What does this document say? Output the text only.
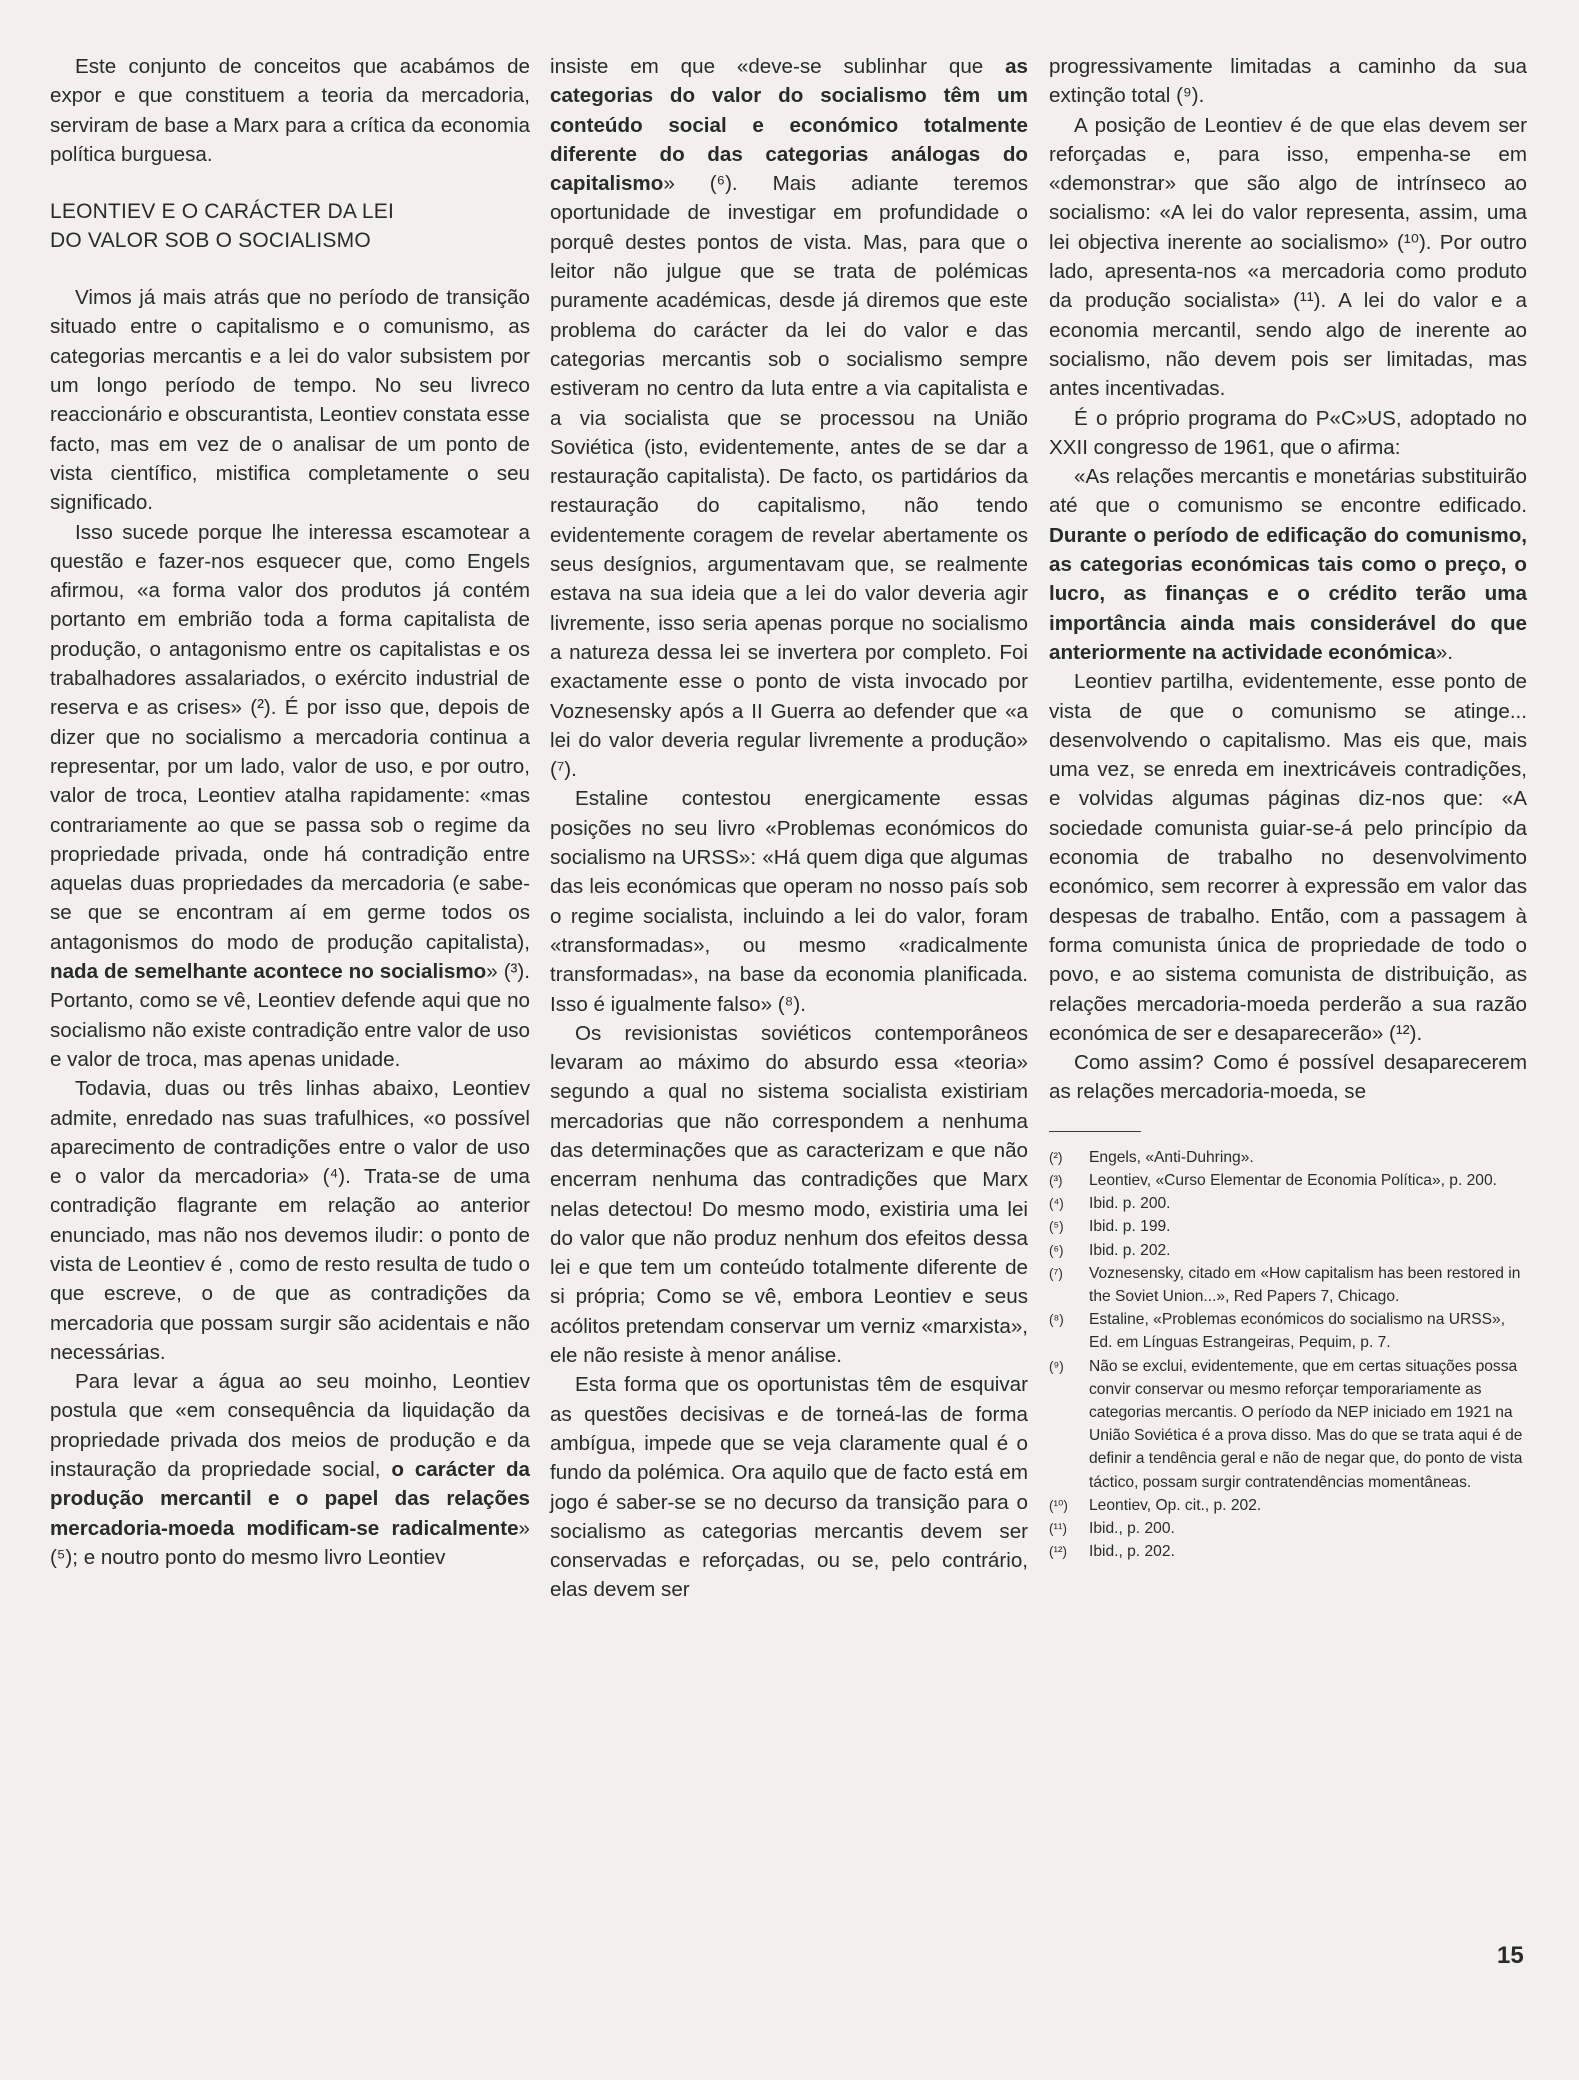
Este conjunto de conceitos que acabámos de expor e que constituem a teoria da mercadoria, serviram de base a Marx para a crítica da economia política burguesa.

LEONTIEV E O CARÁCTER DA LEI
DO VALOR SOB O SOCIALISMO

Vimos já mais atrás que no período de transição situado entre o capitalismo e o comunismo, as categorias mercantis e a lei do valor subsistem por um longo período de tempo. No seu livreco reaccionário e obscurantista, Leontiev constata esse facto, mas em vez de o analisar de um ponto de vista científico, mistifica completamente o seu significado.

Isso sucede porque lhe interessa escamotear a questão e fazer-nos esquecer que, como Engels afirmou, «a forma valor dos produtos já contém portanto em embrião toda a forma capitalista de produção, o antagonismo entre os capitalistas e os trabalhadores assalariados, o exército industrial de reserva e as crises» (²). É por isso que, depois de dizer que no socialismo a mercadoria continua a representar, por um lado, valor de uso, e por outro, valor de troca, Leontiev atalha rapidamente: «mas contrariamente ao que se passa sob o regime da propriedade privada, onde há contradição entre aquelas duas propriedades da mercadoria (e sabe-se que se encontram aí em germe todos os antagonismos do modo de produção capitalista), nada de semelhante acontece no socialismo» (³). Portanto, como se vê, Leontiev defende aqui que no socialismo não existe contradição entre valor de uso e valor de troca, mas apenas unidade.

Todavia, duas ou três linhas abaixo, Leontiev admite, enredado nas suas trafulhices, «o possível aparecimento de contradições entre o valor de uso e o valor da mercadoria» (⁴). Trata-se de uma contradição flagrante em relação ao anterior enunciado, mas não nos devemos iludir: o ponto de vista de Leontiev é , como de resto resulta de tudo o que escreve, o de que as contradições da mercadoria que possam surgir são acidentais e não necessárias.

Para levar a água ao seu moinho, Leontiev postula que «em consequência da liquidação da propriedade privada dos meios de produção e da instauração da propriedade social, o carácter da produção mercantil e o papel das relações mercadoria-moeda modificam-se radicalmente» (⁵); e noutro ponto do mesmo livro Leontiev

insiste em que «deve-se sublinhar que as categorias do valor do socialismo têm um conteúdo social e económico totalmente diferente do das categorias análogas do capitalismo» (⁶). Mais adiante teremos oportunidade de investigar em profundidade o porquê destes pontos de vista. Mas, para que o leitor não julgue que se trata de polémicas puramente académicas, desde já diremos que este problema do carácter da lei do valor e das categorias mercantis sob o socialismo sempre estiveram no centro da luta entre a via capitalista e a via socialista que se processou na União Soviética (isto, evidentemente, antes de se dar a restauração capitalista). De facto, os partidários da restauração do capitalismo, não tendo evidentemente coragem de revelar abertamente os seus desígnios, argumentavam que, se realmente estava na sua ideia que a lei do valor deveria agir livremente, isso seria apenas porque no socialismo a natureza dessa lei se invertera por completo. Foi exactamente esse o ponto de vista invocado por Voznesensky após a II Guerra ao defender que «a lei do valor deveria regular livremente a produção» (⁷).

Estaline contestou energicamente essas posições no seu livro «Problemas económicos do socialismo na URSS»: «Há quem diga que algumas das leis económicas que operam no nosso país sob o regime socialista, incluindo a lei do valor, foram «transformadas», ou mesmo «radicalmente transformadas», na base da economia planificada. Isso é igualmente falso» (⁸).

Os revisionistas soviéticos contemporâneos levaram ao máximo do absurdo essa «teoria» segundo a qual no sistema socialista existiriam mercadorias que não correspondem a nenhuma das determinações que as caracterizam e que não encerram nenhuma das contradições que Marx nelas detectou! Do mesmo modo, existiria uma lei do valor que não produz nenhum dos efeitos dessa lei e que tem um conteúdo totalmente diferente de si própria; Como se vê, embora Leontiev e seus acólitos pretendam conservar um verniz «marxista», ele não resiste à menor análise.

Esta forma que os oportunistas têm de esquivar as questões decisivas e de torneá-las de forma ambígua, impede que se veja claramente qual é o fundo da polémica. Ora aquilo que de facto está em jogo é saber-se se no decurso da transição para o socialismo as categorias mercantis devem ser conservadas e reforçadas, ou se, pelo contrário, elas devem ser

progressivamente limitadas a caminho da sua extinção total (⁹).

A posição de Leontiev é de que elas devem ser reforçadas e, para isso, empenha-se em «demonstrar» que são algo de intrínseco ao socialismo: «A lei do valor representa, assim, uma lei objectiva inerente ao socialismo» (¹⁰). Por outro lado, apresenta-nos «a mercadoria como produto da produção socialista» (¹¹). A lei do valor e a economia mercantil, sendo algo de inerente ao socialismo, não devem pois ser limitadas, mas antes incentivadas.

É o próprio programa do P«C»US, adoptado no XXII congresso de 1961, que o afirma:

«As relações mercantis e monetárias substituirão até que o comunismo se encontre edificado. Durante o período de edificação do comunismo, as categorias económicas tais como o preço, o lucro, as finanças e o crédito terão uma importância ainda mais considerável do que anteriormente na actividade económica».

Leontiev partilha, evidentemente, esse ponto de vista de que o comunismo se atinge... desenvolvendo o capitalismo. Mas eis que, mais uma vez, se enreda em inextricáveis contradições, e volvidas algumas páginas diz-nos que: «A sociedade comunista guiar-se-á pelo princípio da economia de trabalho no desenvolvimento económico, sem recorrer à expressão em valor das despesas de trabalho. Então, com a passagem à forma comunista única de propriedade de todo o povo, e ao sistema comunista de distribuição, as relações mercadoria-moeda perderão a sua razão económica de ser e desaparecerão» (¹²).

Como assim? Como é possível desaparecerem as relações mercadoria-moeda, se

(²)	Engels, «Anti-Duhring».
(³)	Leontiev, «Curso Elementar de Economia Política», p. 200.
(⁴)	Ibid. p. 200.
(⁵)	Ibid. p. 199.
(⁶)	Ibid. p. 202.
(⁷)	Voznesensky, citado em «How capitalism has been restored in the Soviet Union...», Red Papers 7, Chicago.
(⁸)	Estaline, «Problemas económicos do socialismo na URSS», Ed. em Línguas Estrangeiras, Pequim, p. 7.
(⁹)	Não se exclui, evidentemente, que em certas situações possa convir conservar ou mesmo reforçar temporariamente as categorias mercantis. O período da NEP iniciado em 1921 na União Soviética é a prova disso. Mas do que se trata aqui é de definir a tendência geral e não de negar que, do ponto de vista táctico, possam surgir contratendências momentâneas.
(¹⁰)	Leontiev, Op. cit., p. 202.
(¹¹)	Ibid., p. 200.
(¹²)	Ibid., p. 202.
15
